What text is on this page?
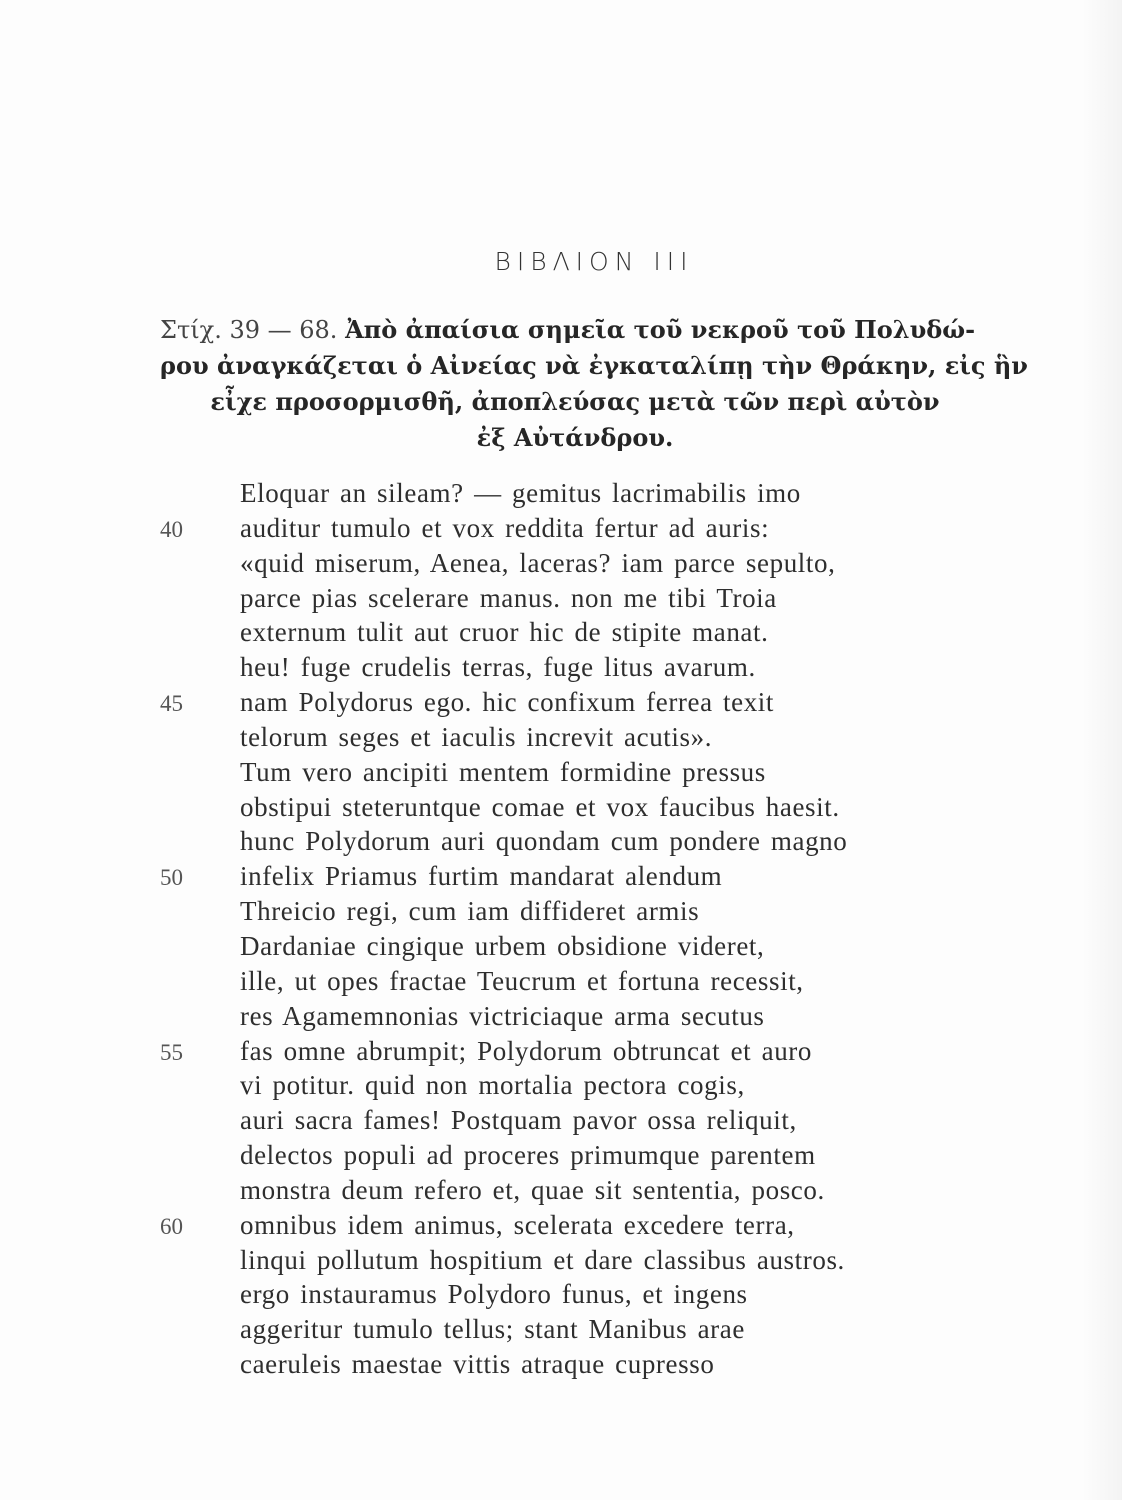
ΒΙΒΛΙΟΝ III

Στίχ. 39 — 68. Ἀπὸ ἀπαίσια σημεῖα τοῦ νεκροῦ τοῦ Πολυδώ-

ρου ἀναγκάζεται ὁ Αἰνείας νὰ ἐγκαταλίπῃ τὴν Θράκην, εἰς ἣν

εἶχε προσορμισθῆ, ἀποπλεύσας μετὰ τῶν περὶ αὐτὸν

ἐξ Αὐτάνδρου.

Eloquar an sileam? — gemitus lacrimabilis imo
40	auditur tumulo et vox reddita fertur ad auris:
«quid miserum, Aenea, laceras? iam parce sepulto,
parce pias scelerare manus. non me tibi Troia
externum tulit aut cruor hic de stipite manat.
heu! fuge crudelis terras, fuge litus avarum.
45	nam Polydorus ego. hic confixum ferrea texit
telorum seges et iaculis increvit acutis».
Tum vero ancipiti mentem formidine pressus
obstipui steteruntque comae et vox faucibus haesit.
hunc Polydorum auri quondam cum pondere magno
50	infelix Priamus furtim mandarat alendum
Threicio regi, cum iam diffideret armis
Dardaniae cingique urbem obsidione videret,
ille, ut opes fractae Teucrum et fortuna recessit,
res Agamemnonias victriciaque arma secutus
55	fas omne abrumpit; Polydorum obtruncat et auro
vi potitur. quid non mortalia pectora cogis,
auri sacra fames! Postquam pavor ossa reliquit,
delectos populi ad proceres primumque parentem
monstra deum refero et, quae sit sententia, posco.
60	omnibus idem animus, scelerata excedere terra,
linqui pollutum hospitium et dare classibus austros.
ergo instauramus Polydoro funus, et ingens
aggeritur tumulo tellus; stant Manibus arae
caeruleis maestae vittis atraque cupresso
